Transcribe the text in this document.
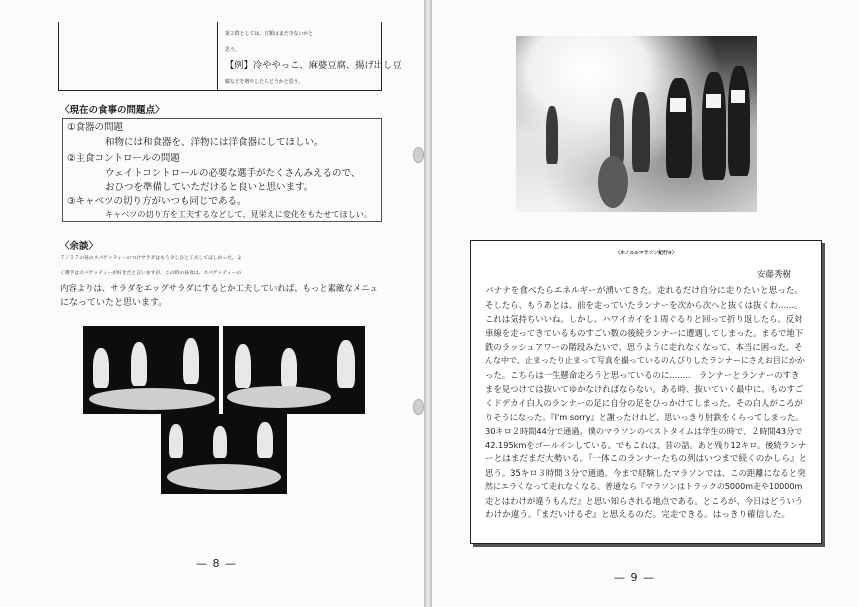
第２群としては、豆類はまだ少ないかと
思う。
【例】冷ややっこ、麻婆豆腐、揚げ出し豆
腐などを増やしたらどうかと思う。
〈現在の食事の問題点〉
①食器の問題
和物には和食器を、洋物には洋食器にしてほしい。
②主食コントロールの問題
ウェイトコントロールの必要な選手がたくさんみえるので、
おひつを準備していただけると良いと思います。
③キャベツの切り方がいつも同じである。
キャベツの切り方を工夫するなどして、見栄えに変化をもたせてほしい。
〈余談〉
７／１７の昼のスパゲッティーのつけサラダはもう少しひと工夫してほしかった。よ
く選手はスパゲッティーが好きだと言いますが、この時の昼食は、スパゲッティーの
内容よりは、サラダをエッグサラダにするとか工夫していれば、もっと素敵なメニュ
になっていたと思います。
— 8 —
〈ホノルルマラソン紀行⑩〉
安藤秀樹
バナナを食べたらエネルギーが湧いてきた。走れるだけ自分に走りたいと思った。
そしたら、もうあとは、前を走っていたランナーを次から次へと抜くは抜くわ......。
これは気持ちいいね。しかし、ハワイカイを１周ぐるりと回って折り返したら、反対
車線を走ってきているものすごい数の後続ランナーに遭遇してしまった。まるで地下
鉄のラッシュアワーの階段みたいで、思うように走れなくなって、本当に困った。そ
んな中で、止まったり止まって写真を撮っているのんびりしたランナーにさえお目にかか
った。こちらは一生懸命走ろうと思っているのに........　ランナーとランナーのすき
まを見つけては抜いてゆかなければならない。ある時、抜いていく最中に、ものすご
くドデカイ白人のランナーの足に自分の足をひっかけてしまった。その白人がころが
りそうになった。『I'm sorry』と謝ったけれど、思いっきり肘鉄をくらってしまった。
30キロ２時間44分で通過。僕のマラソンのベストタイムは学生の時で、２時間43分で
42.195kmをゴールインしている。でもこれは、昔の話。あと残り12キロ。後続ランナ
ーとはまだまだ大勢いる。『一体このランナーたちの列はいつまで続くのかしら』と
思う。35キロ３時間３分で通過。今まで経験したマラソンでは、この距離になると突
然にエラくなって走れなくなる。普通なら『マラソンはトラックの5000m走や10000m
走とはわけが違うもんだ』と思い知らされる地点である。ところが、今日はどういう
わけか違う。『まだいけるぞ』と思えるのだ。完走できる。はっきり確信した。
— 9 —
